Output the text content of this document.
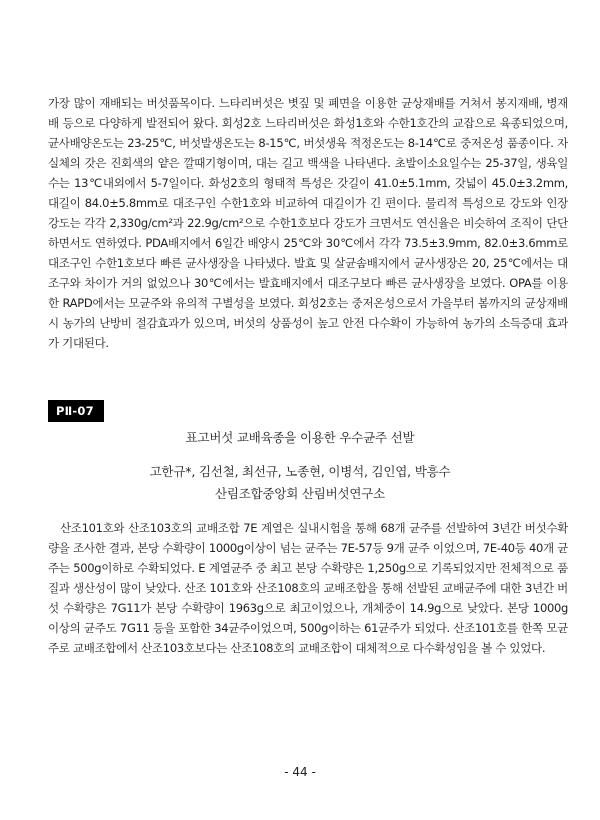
가장 많이 재배되는 버섯품목이다. 느타리버섯은 볏짚 및 폐면을 이용한 균상재배를 거쳐서 봉지재배, 병재배 등으로 다양하게 발전되어 왔다. 회성2호 느타리버섯은 화성1호와 수한1호간의 교잡으로 육종되었으며, 균사배양온도는 23-25℃, 버섯발생온도는 8-15℃, 버섯생육 적정온도는 8-14℃로 중저온성 품종이다. 자실체의 갓은 진회색의 얕은 깔때기형이며, 대는 길고 백색을 나타낸다. 초발이소요일수는 25-37일, 생육일수는 13℃내외에서 5-7일이다. 화성2호의 형태적 특성은 갓길이 41.0±5.1mm, 갓넓이 45.0±3.2mm, 대길이 84.0±5.8mm로 대조구인 수한1호와 비교하여 대길이가 긴 편이다. 물리적 특성으로 강도와 인장강도는 각각 2,330g/cm²과 22.9g/cm²으로 수한1호보다 강도가 크면서도 연신율은 비슷하여 조직이 단단하면서도 연하였다. PDA배지에서 6일간 배양시 25℃와 30℃에서 각각 73.5±3.9mm, 82.0±3.6mm로 대조구인 수한1호보다 빠른 균사생장을 나타냈다. 발효 및 살균솜배지에서 균사생장은 20, 25℃에서는 대조구와 차이가 거의 없었으나 30℃에서는 발효배지에서 대조구보다 빠른 균사생장을 보였다. OPA를 이용한 RAPD에서는 모균주와 유의적 구별성을 보였다. 회성2호는 중저온성으로서 가을부터 봄까지의 균상재배시 농가의 난방비 절감효과가 있으며, 버섯의 상품성이 높고 안전 다수확이 가능하여 농가의 소득증대 효과가 기대된다.

PⅡ-07
표고버섯 교배육종을 이용한 우수균주 선발
고한규*, 김선철, 최선규, 노종현, 이병석, 김인엽, 박흥수
산림조합중앙회 산림버섯연구소

산조101호와 산조103호의 교배조합 7E 계열은 실내시험을 통해 68개 균주를 선발하여 3년간 버섯수확량을 조사한 결과, 본당 수확량이 1000g이상이 넘는 균주는 7E-57등 9개 균주 이었으며, 7E-40등 40개 균주는 500g이하로 수확되었다. E 계열균주 중 최고 본당 수확량은 1,250g으로 기록되었지만 전체적으로 품질과 생산성이 많이 낮았다. 산조 101호와 산조108호의 교배조합을 통해 선발된 교배균주에 대한 3년간 버섯 수확량은 7G11가 본당 수확량이 1963g으로 최고이었으나, 개체중이 14.9g으로 낮았다. 본당 1000g이상의 균주도 7G11 등을 포함한 34균주이었으며, 500g이하는 61균주가 되었다. 산조101호를 한쪽 모균주로 교배조합에서 산조103호보다는 산조108호의 교배조합이 대체적으로 다수확성임을 볼 수 있었다.

- 44 -
